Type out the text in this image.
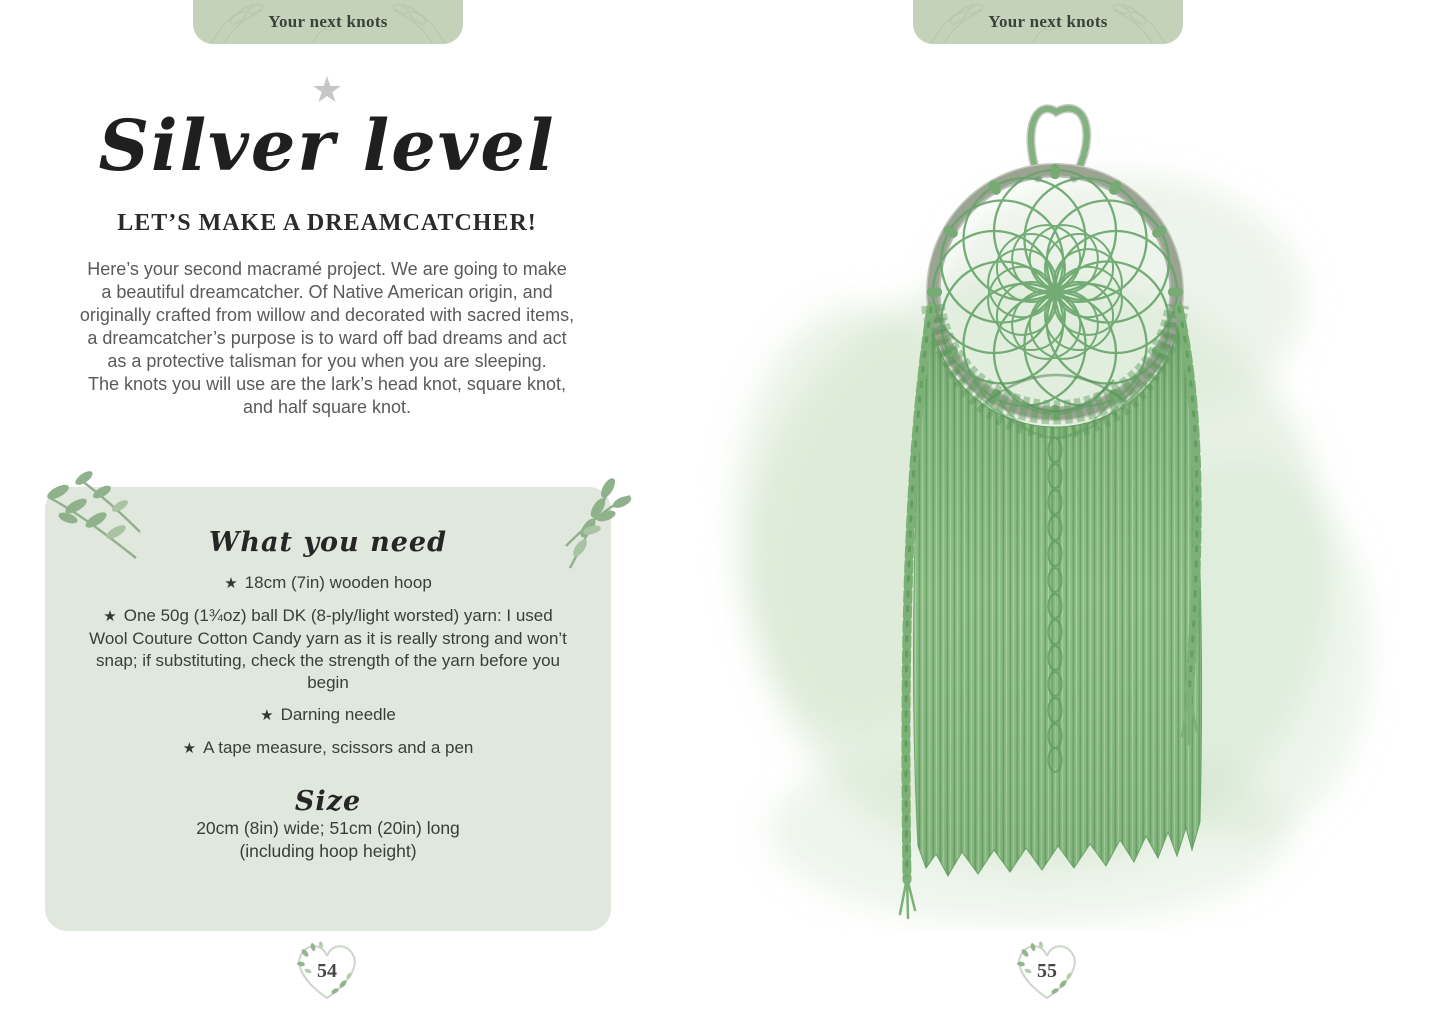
Your next knots
★
Silver level
LET’S MAKE A DREAMCATCHER!
Here’s your second macramé project. We are going to make
a beautiful dreamcatcher. Of Native American origin, and
originally crafted from willow and decorated with sacred items,
a dreamcatcher’s purpose is to ward off bad dreams and act
as a protective talisman for you when you are sleeping.
The knots you will use are the lark’s head knot, square knot,
and half square knot.
What you need
★ 18cm (7in) wooden hoop
★ One 50g (1¾oz) ball DK (8-ply/light worsted) yarn: I used Wool Couture Cotton Candy yarn as it is really strong and won’t snap; if substituting, check the strength of the yarn before you begin
★ Darning needle
★ A tape measure, scissors and a pen
Size
20cm (8in) wide; 51cm (20in) long
(including hoop height)
54
Your next knots
55
